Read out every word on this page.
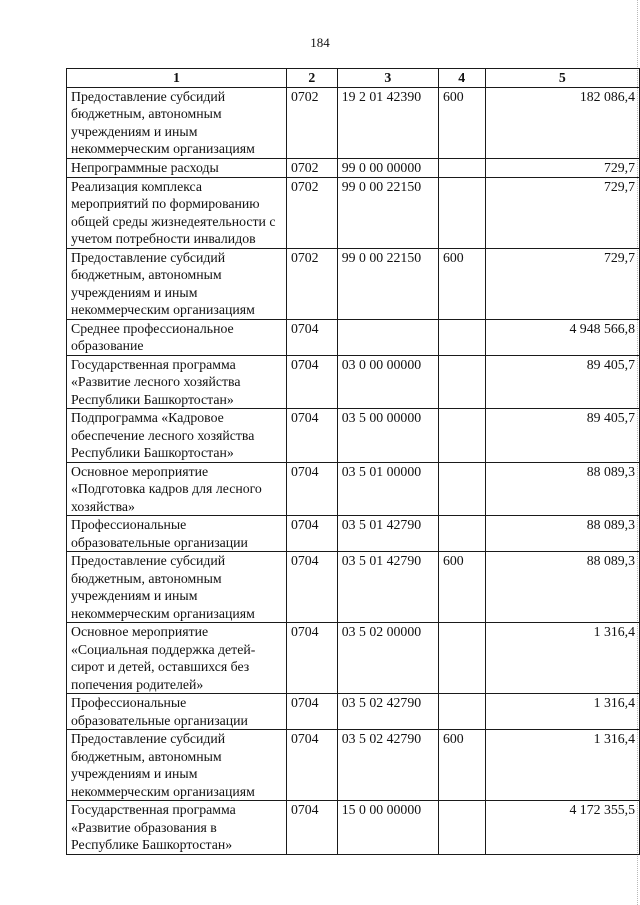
184
1	2	3	4	5
Предоставление субсидий бюджетным, автономным учреждениям и иным некоммерческим организациям	0702	19 2 01 42390	600	182 086,4
Непрограммные расходы	0702	99 0 00 00000		729,7
Реализация комплекса мероприятий по формированию общей среды жизнедеятельности с учетом потребности инвалидов	0702	99 0 00 22150		729,7
Предоставление субсидий бюджетным, автономным учреждениям и иным некоммерческим организациям	0702	99 0 00 22150	600	729,7
Среднее профессиональное образование	0704			4 948 566,8
Государственная программа «Развитие лесного хозяйства Республики Башкортостан»	0704	03 0 00 00000		89 405,7
Подпрограмма «Кадровое обеспечение лесного хозяйства Республики Башкортостан»	0704	03 5 00 00000		89 405,7
Основное мероприятие «Подготовка кадров для лесного хозяйства»	0704	03 5 01 00000		88 089,3
Профессиональные образовательные организации	0704	03 5 01 42790		88 089,3
Предоставление субсидий бюджетным, автономным учреждениям и иным некоммерческим организациям	0704	03 5 01 42790	600	88 089,3
Основное мероприятие «Социальная поддержка детей-сирот и детей, оставшихся без попечения родителей»	0704	03 5 02 00000		1 316,4
Профессиональные образовательные организации	0704	03 5 02 42790		1 316,4
Предоставление субсидий бюджетным, автономным учреждениям и иным некоммерческим организациям	0704	03 5 02 42790	600	1 316,4
Государственная программа «Развитие образования в Республике Башкортостан»	0704	15 0 00 00000		4 172 355,5
